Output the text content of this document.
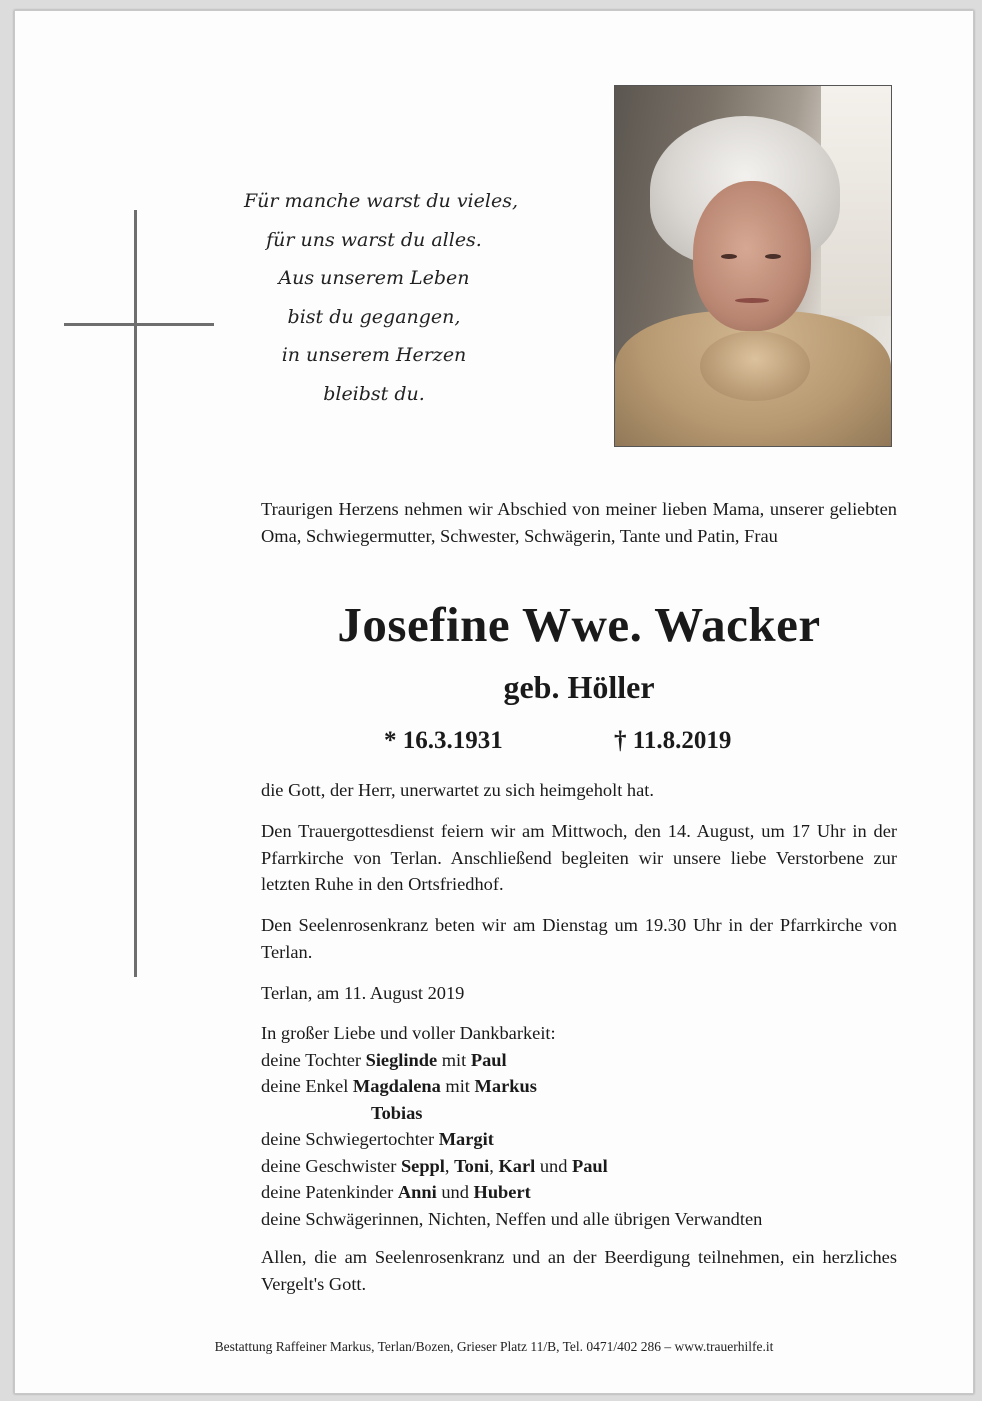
Für manche warst du vieles,
für uns warst du alles.
Aus unserem Leben
bist du gegangen,
in unserem Herzen
bleibst du.
Traurigen Herzens nehmen wir Abschied von meiner lieben Mama, unserer geliebten Oma, Schwiegermutter, Schwester, Schwägerin, Tante und Patin, Frau
Josefine Wwe. Wacker
geb. Höller
* 16.3.1931	† 11.8.2019
die Gott, der Herr, unerwartet zu sich heimgeholt hat.
Den Trauergottesdienst feiern wir am Mittwoch, den 14. August, um 17 Uhr in der Pfarrkirche von Terlan. Anschließend begleiten wir unsere liebe Verstorbene zur letzten Ruhe in den Ortsfriedhof.
Den Seelenrosenkranz beten wir am Dienstag um 19.30 Uhr in der Pfarrkirche von Terlan.
Terlan, am 11. August 2019
In großer Liebe und voller Dankbarkeit:
deine Tochter Sieglinde mit Paul
deine Enkel Magdalena mit Markus
Tobias
deine Schwiegertochter Margit
deine Geschwister Seppl, Toni, Karl und Paul
deine Patenkinder Anni und Hubert
deine Schwägerinnen, Nichten, Neffen und alle übrigen Verwandten
Allen, die am Seelenrosenkranz und an der Beerdigung teilnehmen, ein herzliches Vergelt's Gott.
Bestattung Raffeiner Markus, Terlan/Bozen, Grieser Platz 11/B, Tel. 0471/402 286 – www.trauerhilfe.it
